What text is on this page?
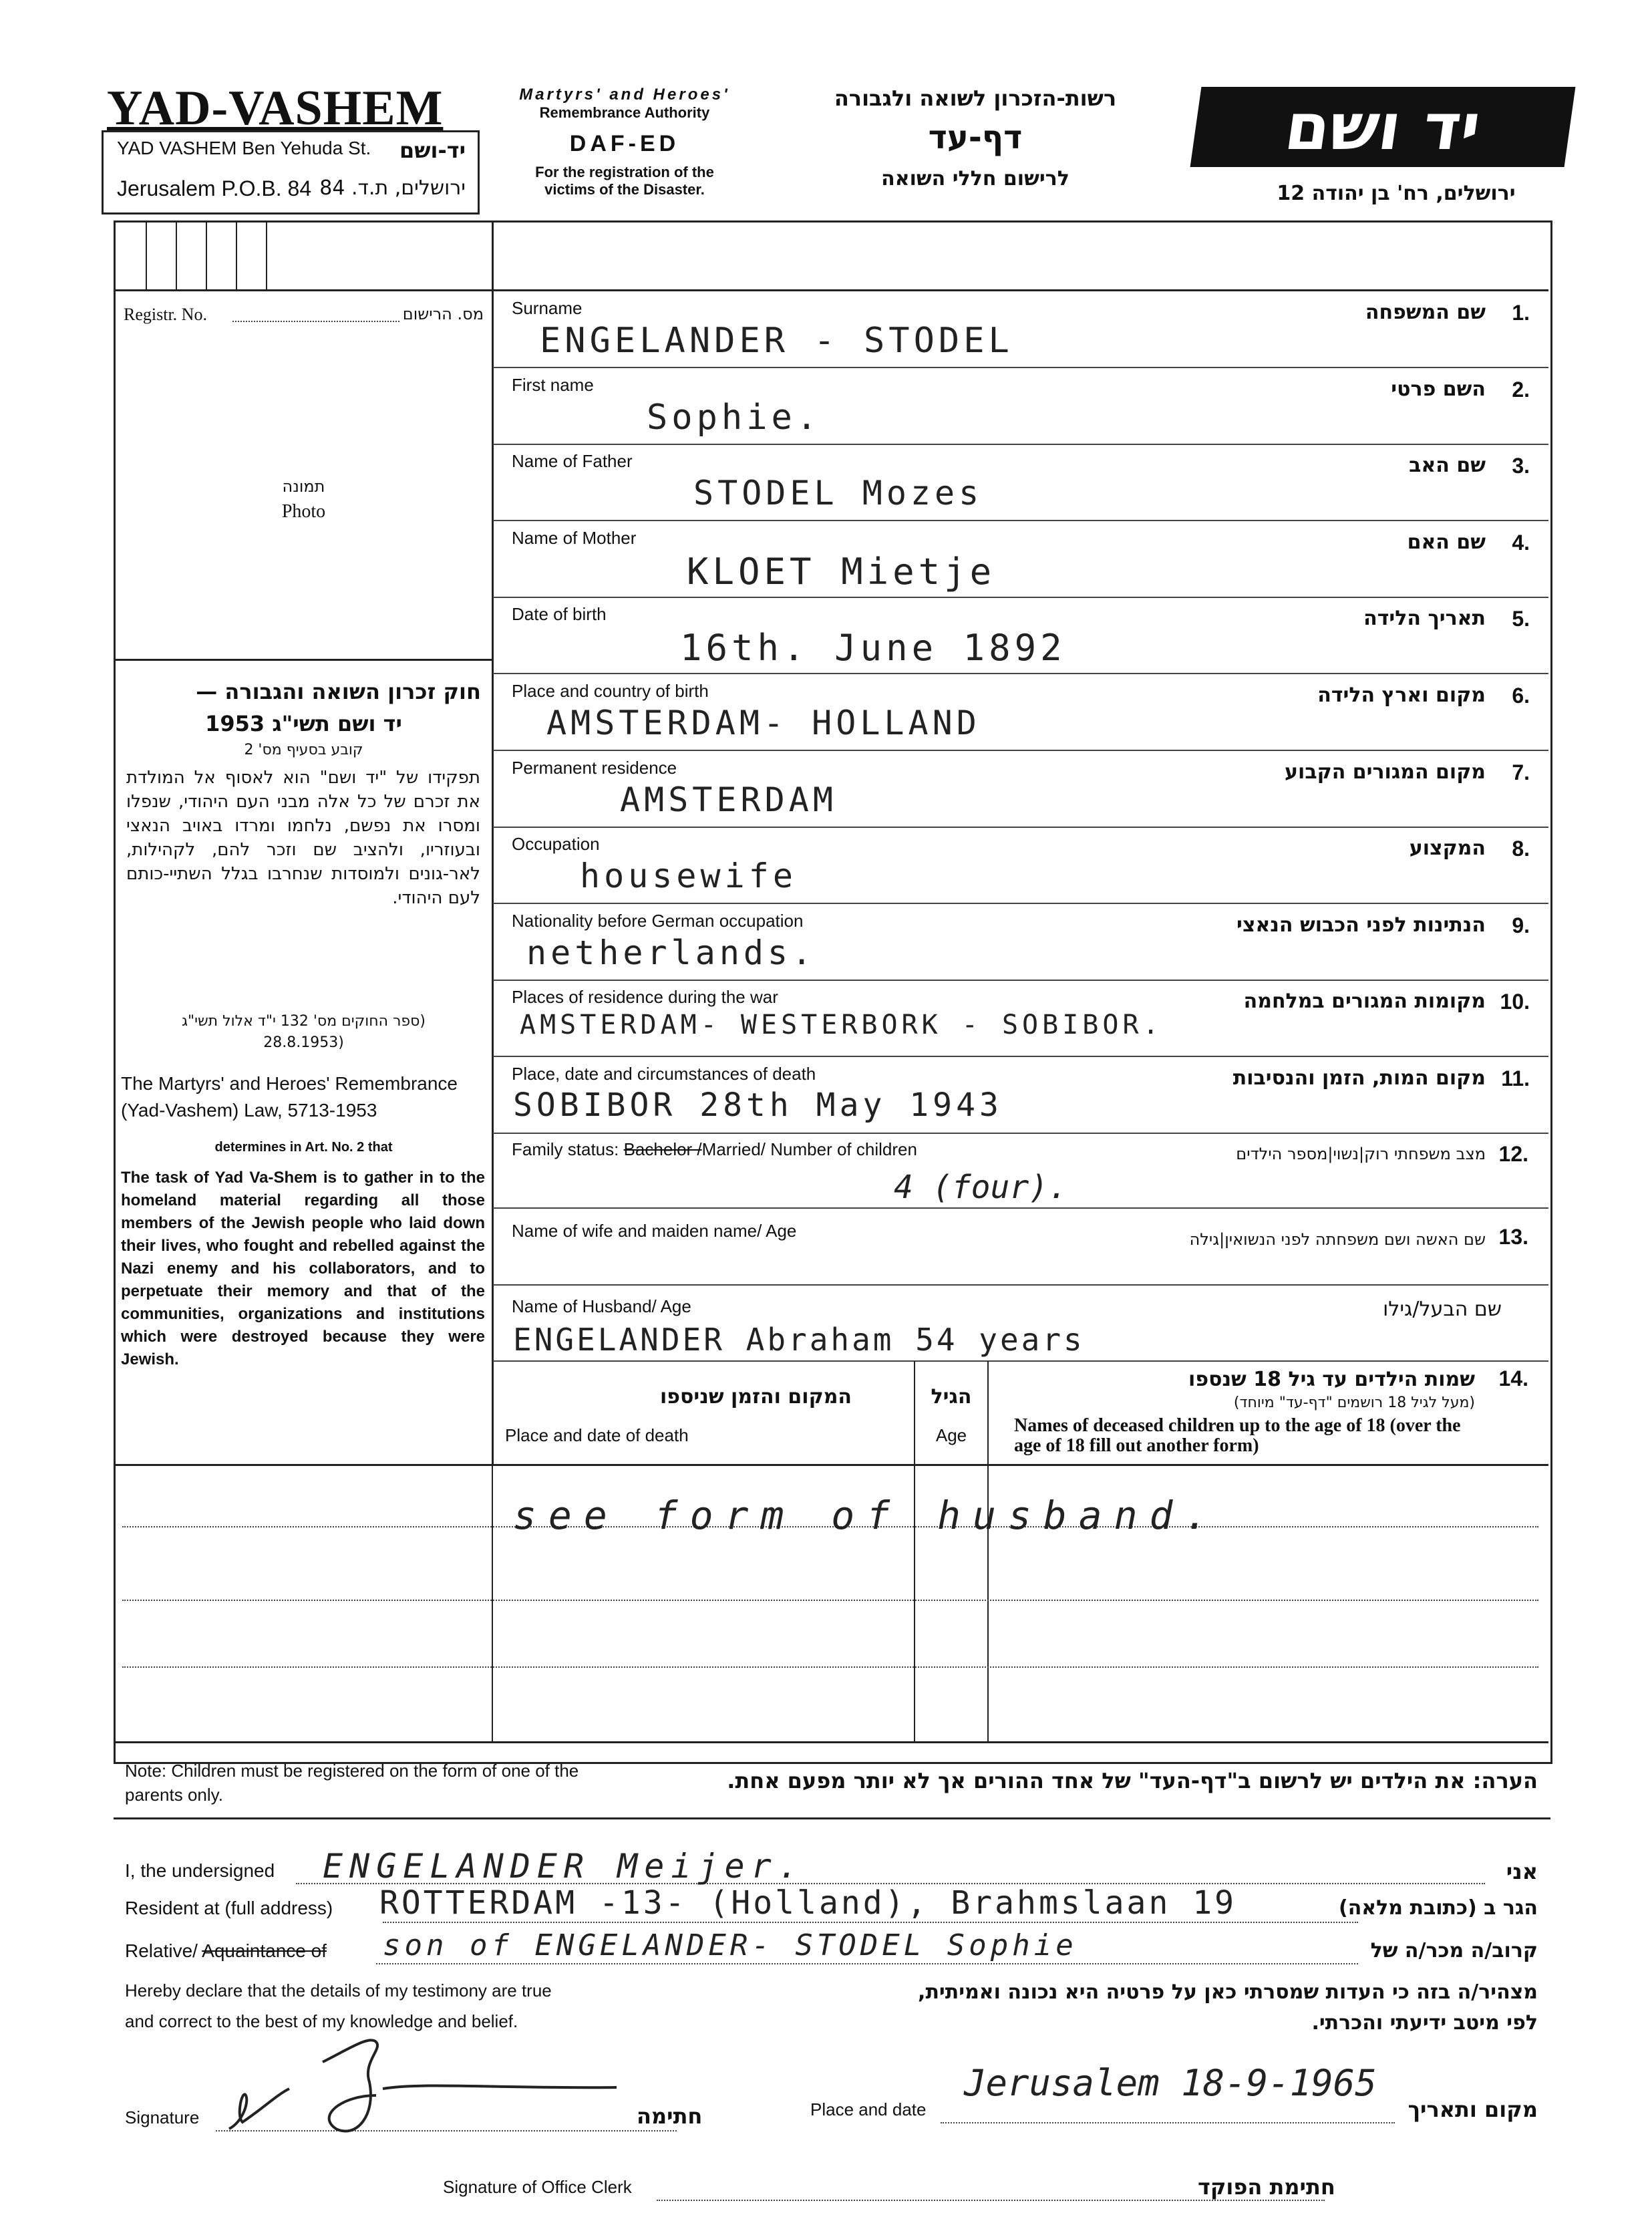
YAD-VASHEM
YAD VASHEM Ben Yehuda St. יד-ושם
Jerusalem P.O.B. 84 ירושלים, ת.ד. 84
Martyrs' and Heroes'
Remembrance Authority
DAF-ED
For the registration of the
victims of the Disaster.
רשות-הזכרון לשואה ולגבורה
דף-עד
לרישום חללי השואה
יד ושם
ירושלים, רח' בן יהודה 12
Registr. No.	מס. הרישום
תמונה
Photo
חוק זכרון השואה והגבורה —
יד ושם תשי"ג 1953
קובע בסעיף מס' 2
תפקידו של "יד ושם" הוא לאסוף אל המולדת את זכרם של כל אלה מבני העם היהודי, שנפלו ומסרו את נפשם, נלחמו ומרדו באויב הנאצי ובעוזריו, ולהציב שם וזכר להם, לקהילות, לאר-גונים ולמוסדות שנחרבו בגלל השתיי-כותם לעם היהודי.
(ספר החוקים מס' 132 י"ד אלול תשי"ג
(28.8.1953
The Martyrs' and Heroes' Remembrance (Yad-Vashem) Law, 5713-1953
determines in Art. No. 2 that
The task of Yad Va-Shem is to gather in to the homeland material regarding all those members of the Jewish people who laid down their lives, who fought and rebelled against the Nazi enemy and his collaborators, and to perpetuate their memory and that of the communities, organizations and institutions which were destroyed because they were Jewish.
Surname	שם המשפחה 1.
ENGELANDER - STODEL
First name	השם פרטי 2.
Sophie.
Name of Father	שם האב 3.
STODEL Mozes
Name of Mother	שם האם 4.
KLOET Mietje
Date of birth	תאריך הלידה 5.
16th. June 1892
Place and country of birth	מקום וארץ הלידה 6.
AMSTERDAM- HOLLAND
Permanent residence	מקום המגורים הקבוע 7.
AMSTERDAM
Occupation	המקצוע 8.
housewife
Nationality before German occupation	הנתינות לפני הכבוש הנאצי 9.
netherlands.
Places of residence during the war	מקומות המגורים במלחמה 10.
AMSTERDAM- WESTERBORK - SOBIBOR.
Place, date and circumstances of death	מקום המות, הזמן והנסיבות 11.
SOBIBOR 28th May 1943
Family status: Bachelor /Married/ Number of children	מצב משפחתי רוק|נשוי|מספר הילדים 12.
4 (four).
Name of wife and maiden name/ Age	שם האשה ושם משפחתה לפני הנשואין|גילה 13.
Name of Husband/ Age	שם הבעל/גילו
ENGELANDER Abraham 54 years
המקום והזמן שניספו
Place and date of death
הגיל
Age
שמות הילדים עד גיל 18 שנספו 14.
(מעל לגיל 18 רושמים "דף-עד" מיוחד)
Names of deceased children up to the age of 18 (over the age of 18 fill out another form)
see form of husband.
Note: Children must be registered on the form of one of the parents only.
הערה: את הילדים יש לרשום ב"דף-העד" של אחד ההורים אך לא יותר מפעם אחת.
I, the undersigned ENGELANDER Meijer.	אני
Resident at (full address) ROTTERDAM -13- (Holland), Brahmslaan 19	הגר ב (כתובת מלאה)
Relative/ Aquaintance of son of ENGELANDER- STODEL Sophie	קרוב/ה מכר/ה של
Hereby declare that the details of my testimony are true
and correct to the best of my knowledge and belief.
מצהיר/ה בזה כי העדות שמסרתי כאן על פרטיה היא נכונה ואמיתית,
לפי מיטב ידיעתי והכרתי.
Signature	חתימה	Place and date
Jerusalem 18-9-1965
מקום ותאריך
Signature of Office Clerk	חתימת הפוקד
